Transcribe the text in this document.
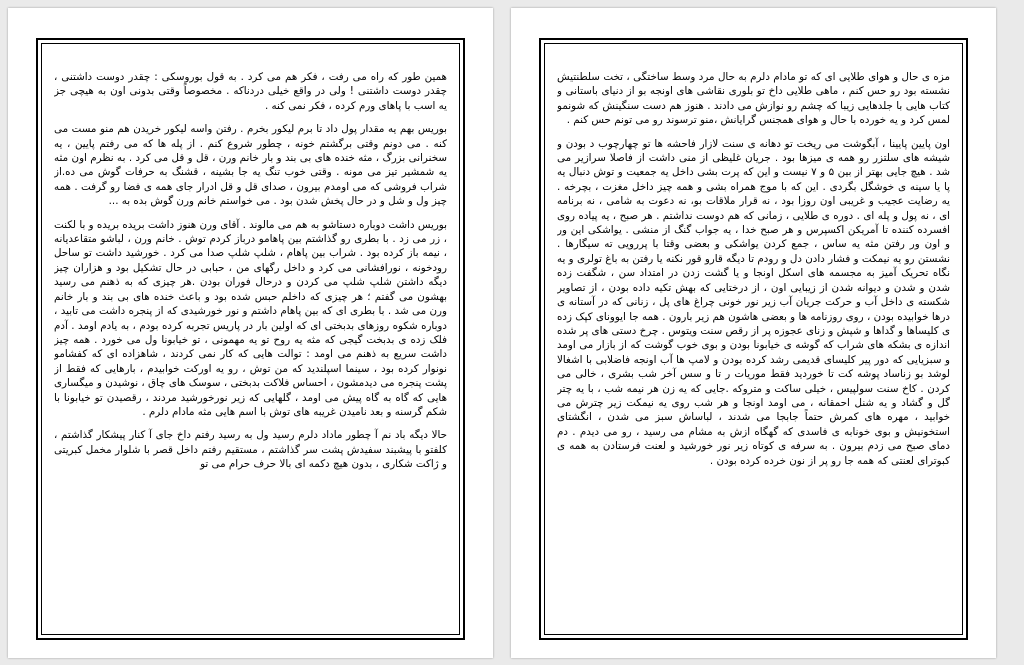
همین طور که راه می رفت ، فکر هم می کرد . به قول بوروسکی : چقدر دوست داشتنی ، چقدر دوست داشتنی ! ولی در واقع خیلی دردناکه . مخصوصاً وقتی بدونی اون به هیچی جز یه اسب با پاهای ورم کرده ، فکر نمی کنه .

بوریس بهم یه مقدار پول داد تا برم لیکور بخرم . رفتن واسه لیکور خریدن هم منو مست می کنه . می دونم وقتی برگشتم خونه ، چطور شروع کنم . از پله ها که می رفتم پایین ، یه سخنرانی بزرگ ، مثه خنده های بی بند و بار خانم ورن ، قل و قل می کرد . به نظرم اون مثه یه شمشیر تیز می مونه . وقتی خوب تنگ یه جا بشینه ، قشنگ به حرفات گوش می ده.از شراب فروشی که می اومدم بیرون ، صدای قل و قل ادرار جای همه ی فضا رو گرفت . همه چیز ول و شل و در حال پخش شدن بود . می خواستم خانم ورن گوش بده به ...

بوریس داشت دوباره دستاشو به هم می مالوند . آقای ورن هنوز داشت بریده بریده و با لکنت ، زر می زد . با بطری رو گذاشتم بین پاهامو درباز کردم توش . خانم ورن ، لباشو متقاعدیانه ، نیمه باز کرده بود . شراب بین پاهام ، شلپ شلپ صدا می کرد . خورشید داشت تو ساحل رودخونه ، نورافشانی می کرد و داخل رگهای من ، حبابی در حال تشکیل بود و هزاران چیز دیگه داشتن شلپ شلپ می کردن و درحال فوران بودن .هر چیزی که به ذهنم می رسید بهشون می گفتم ؛ هر چیزی که داخلم حبس شده بود و باعث خنده های بی بند و بار خانم ورن می شد . با بطری ای که بین پاهام داشتم و نور خورشیدی که از پنجره داشت می تابید ، دوباره شکوه روزهای بدبختی ای که اولین بار در پاریس تجربه کرده بودم ، به یادم اومد . آدم فلک زده ی بدبخت گیجی که مثه یه روح تو یه مهمونی ، تو خیابونا ول می خورد . همه چیز داشت سریع به ذهنم می اومد : توالت هایی که کار نمی کردند ، شاهزاده ای که کفشامو نونوار کرده بود ، سینما اسپلندید که من توش ، رو یه اورکت خوابیدم ، بارهایی که فقط از پشت پنجره می دیدمشون ، احساس فلاکت بدبختی ، سوسک های چاق ، نوشیدن و میگساری هایی که گاه به گاه پیش می اومد ، گلهایی که زیر نورخورشید مردند ، رقصیدن تو خیابونا با شکم گرسنه و بعد نامیدن غریبه های توش با اسم هایی مثه مادام دلرم .

حالا دیگه باد نم آ چطور ماداد دلرم رسید ول به رسید رفتم داخ جای آ کنار پیشکار گذاشتم ، کلفتو با پیشبند سفیدش پشت سر گذاشتم ، مستقیم رفتم داخل قصر با شلوار مخمل کبریتی و ژاکت شکاری ، بدون هیچ دکمه ای بالا حرف حرام می تو

مزه ی حال و هوای طلایی ای که تو مادام دلرم به حال مرد وسط ساختگی ، تخت سلطنتیش نشسته بود رو حس کنم ، ماهی طلایی داخ تو بلوری نقاشی های اونجه بو از دنیای باستانی و کتاب هایی با جلدهایی زیبا که چشم رو نوازش می دادند . هنوز هم دست سنگینش که شونمو لمس کرد و یه خورده با حال و هوای همجنس گرایانش ،منو ترسوند رو می تونم حس کنم .

اون پایین پایینا ، آبگوشت می ریخت تو دهانه ی سنت لازار فاحشه ها تو چهارچوب د بودن و شیشه های سلتزر رو همه ی میزها بود . جریان غلیظی از منی داشت از فاصلا سرازیر می شد . هیچ جایی بهتر از بین ۵ و ۷ نیست و این که پرت بشی داخل یه جمعیت و توش دنبال یه پا یا سینه ی خوشگل بگردی . این که با موج همراه بشی و همه چیز داخل مغزت ، بچرخه . یه رضایت عجیب و غریبی اون روزا بود ، نه قرار ملاقات بو، نه دعوت به شامی ، نه برنامه ای ، نه پول و پله ای . دوره ی طلایی ، زمانی که هم دوست نداشتم . هر صبح ، یه پیاده روی افسرده کننده تا آمریکن اکسپرس و هر صبح خدا ، یه جواب گنگ از منشی . یواشکی این ور و اون ور رفتن مثه یه ساس ، جمع کردن یواشکی و بعضی وقتا با پررویی ته سیگارها . نشستن رو یه نیمکت و فشار دادن دل و رودم تا دیگه قارو قور نکنه یا رفتن به باغ تولری و یه نگاه تحریک آمیز به مجسمه های اسکل اونجا و یا گشت زدن در امتداد سن ، شگفت زده شدن و شدن و دیوانه شدن از زیبایی اون ، از درختایی که بهش تکیه داده بودن ، از تصاویر شکسته ی داخل آب و حرکت جریان آب زیر نور خونی چراغ های پل ، زنانی که در آستانه ی درها خوابیده بودن ، روی روزنامه ها و بعضی هاشون هم زیر بارون . همه جا ایوونای کپک زده ی کلیساها و گداها و شپش و زنای عجوزه پر از رقص سنت ویتوس . چرخ دستی های پر شده اندازه ی بشکه های شراب که گوشه ی خیابونا بودن و بوی خوب گوشت که از بازار می اومد و سبزیایی که دور پیر کلیسای قدیمی رشد کرده بودن و لامپ ها آب اونجه فاضلابی با اشغالا لوشد بو زناساد پوشه کت تا خوردید فقط موریات ر تا و سس آخر شب بشری ، خالی می کردن . کاخ سنت سولپیس ، خیلی ساکت و متروکه .جایی که یه زن هر نیمه شب ، با یه چتر گل و گشاد و یه شنل احمقانه ، می اومد اونجا و هر شب روی یه نیمکت زیر چترش می خوابید ، مهره های کمرش حتماً جابجا می شدند ، لباساش سبز می شدن ، انگشتای استخونیش و بوی خونابه ی فاسدی که گهگاه ازش به مشام می رسید ، رو می دیدم . دم دمای صبح می زدم بیرون . به سرفه ی کوتاه زیر نور خورشید و لعنت فرستادن به همه ی کبوترای لعنتی که همه جا رو پر از نون خرده کرده بودن .
